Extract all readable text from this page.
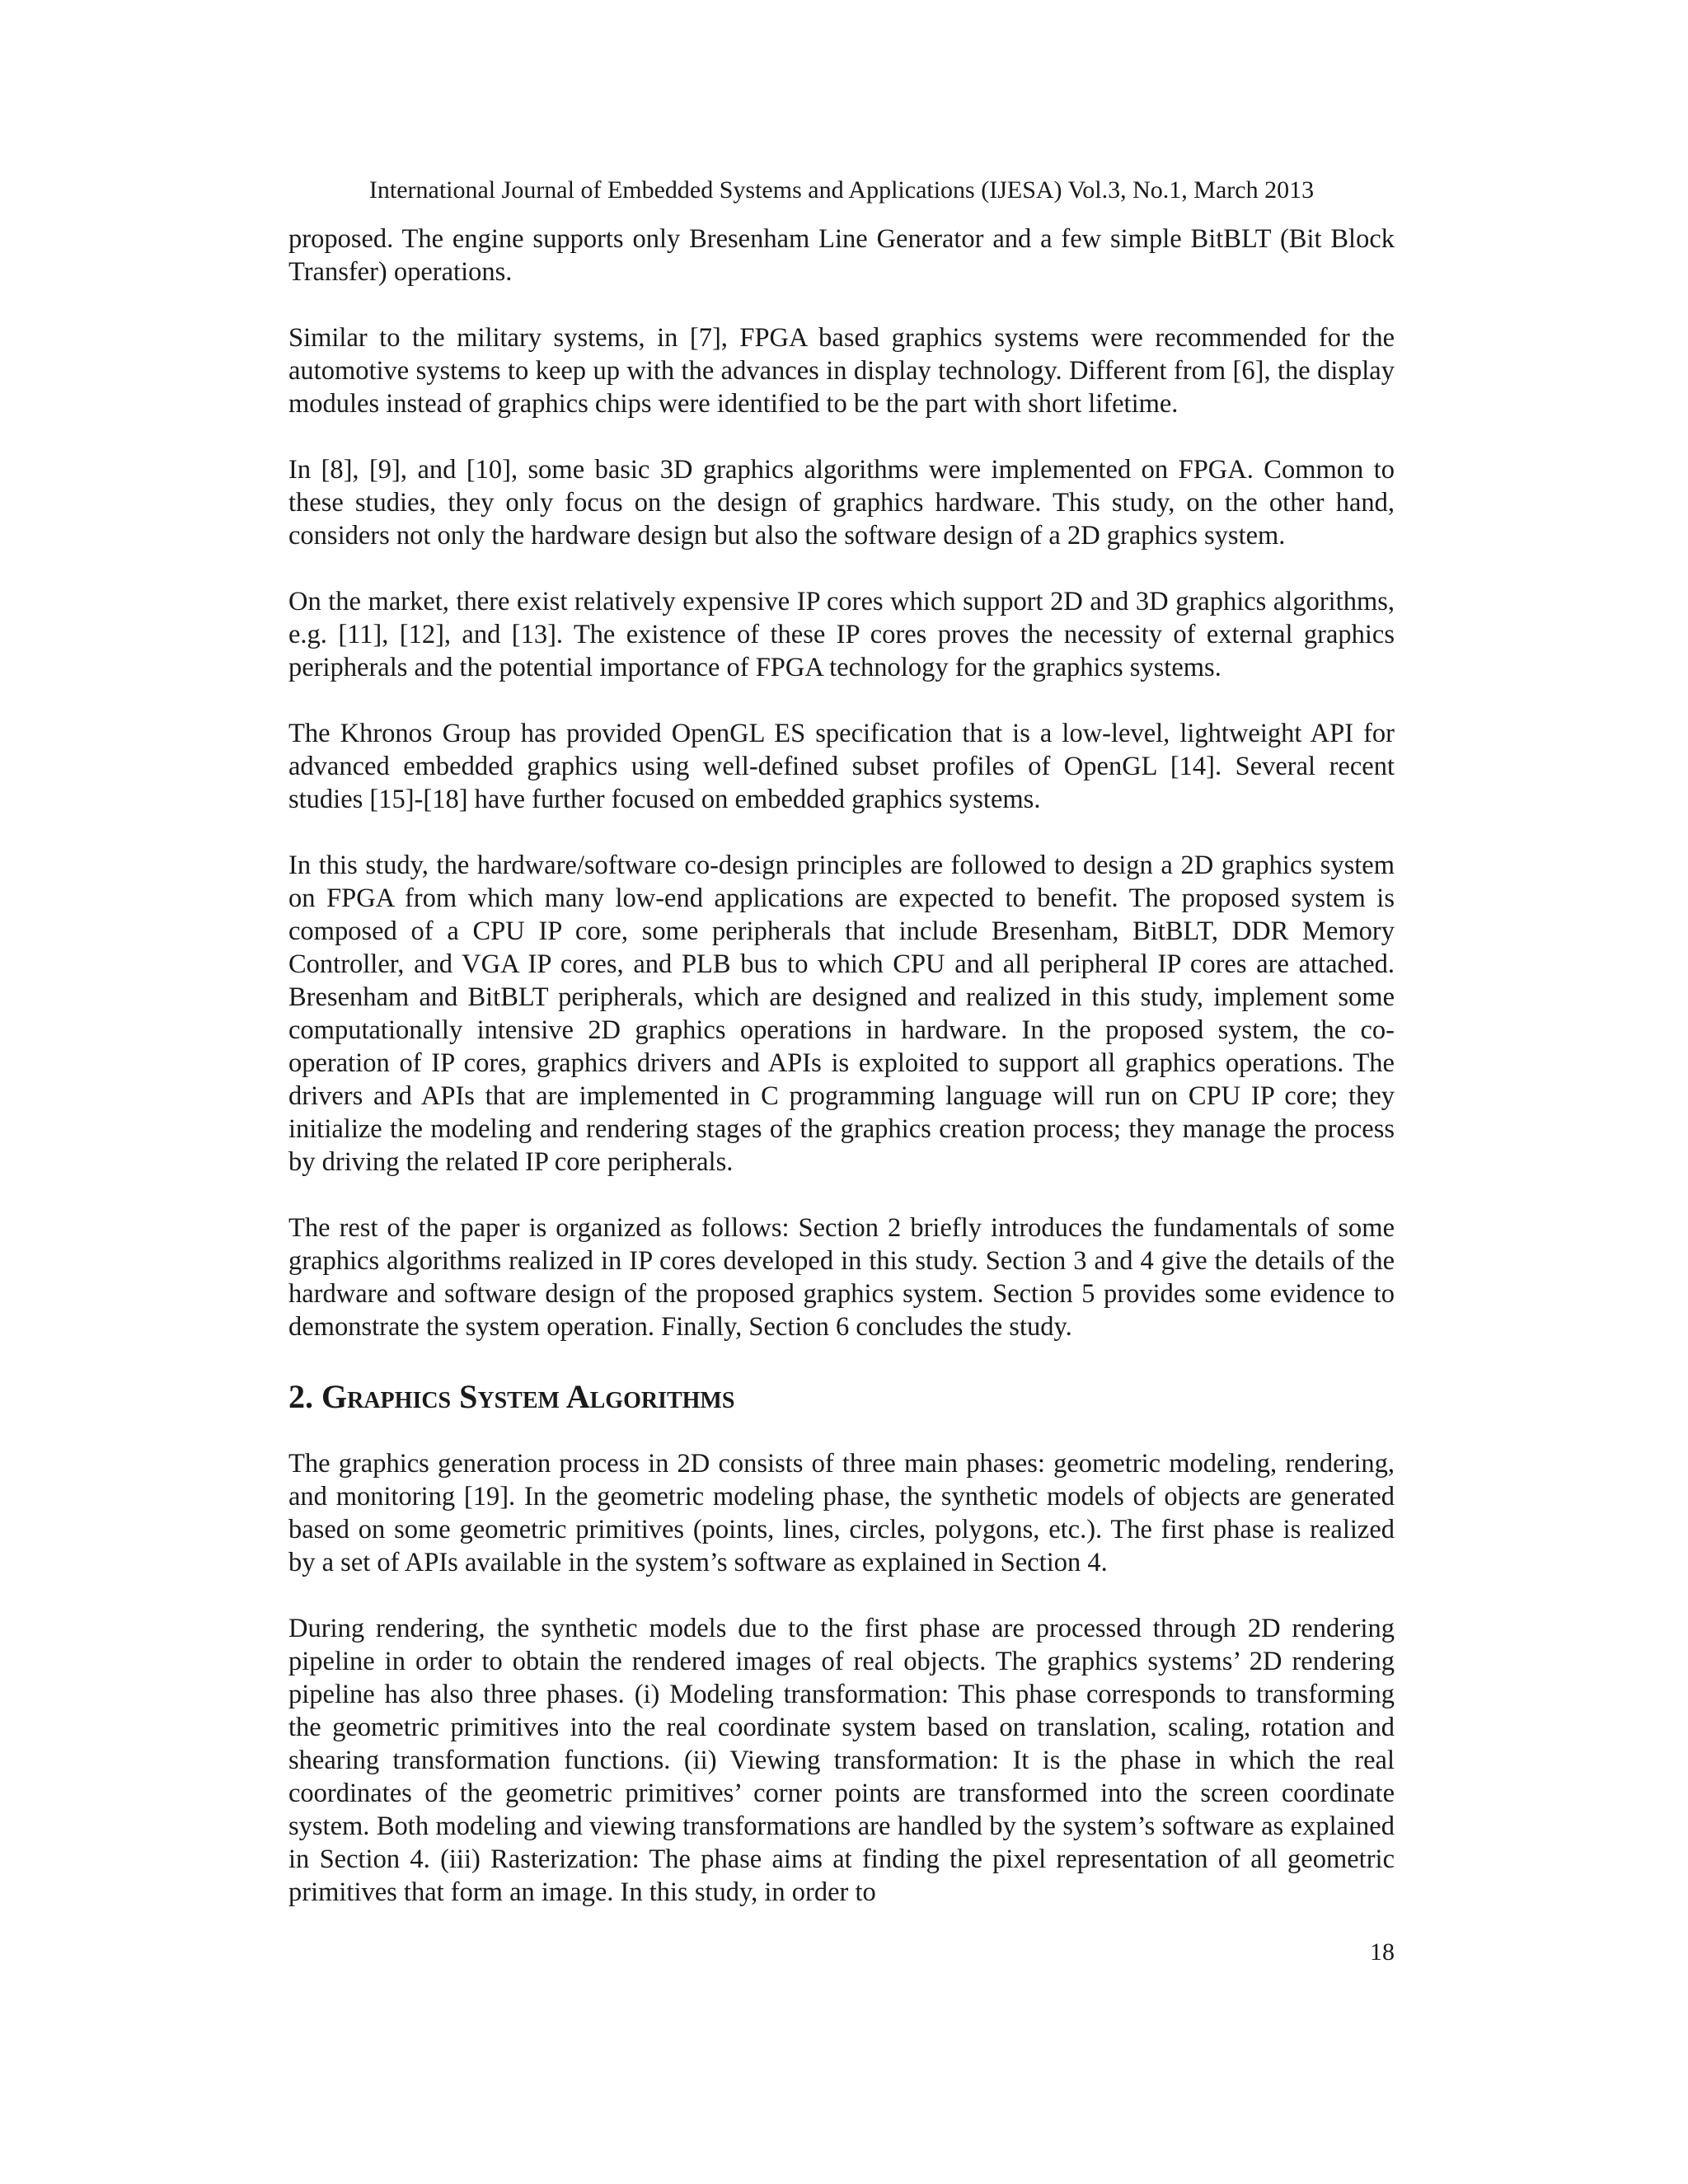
International Journal of Embedded Systems and Applications (IJESA) Vol.3, No.1, March 2013

proposed. The engine supports only Bresenham Line Generator and a few simple BitBLT (Bit Block Transfer) operations.

Similar to the military systems, in [7], FPGA based graphics systems were recommended for the automotive systems to keep up with the advances in display technology. Different from [6], the display modules instead of graphics chips were identified to be the part with short lifetime.

In [8], [9], and [10], some basic 3D graphics algorithms were implemented on FPGA. Common to these studies, they only focus on the design of graphics hardware. This study, on the other hand, considers not only the hardware design but also the software design of a 2D graphics system.

On the market, there exist relatively expensive IP cores which support 2D and 3D graphics algorithms, e.g. [11], [12], and [13]. The existence of these IP cores proves the necessity of external graphics peripherals and the potential importance of FPGA technology for the graphics systems.

The Khronos Group has provided OpenGL ES specification that is a low-level, lightweight API for advanced embedded graphics using well-defined subset profiles of OpenGL [14]. Several recent studies [15]-[18] have further focused on embedded graphics systems.

In this study, the hardware/software co-design principles are followed to design a 2D graphics system on FPGA from which many low-end applications are expected to benefit. The proposed system is composed of a CPU IP core, some peripherals that include Bresenham, BitBLT, DDR Memory Controller, and VGA IP cores, and PLB bus to which CPU and all peripheral IP cores are attached. Bresenham and BitBLT peripherals, which are designed and realized in this study, implement some computationally intensive 2D graphics operations in hardware. In the proposed system, the co-operation of IP cores, graphics drivers and APIs is exploited to support all graphics operations. The drivers and APIs that are implemented in C programming language will run on CPU IP core; they initialize the modeling and rendering stages of the graphics creation process; they manage the process by driving the related IP core peripherals.

The rest of the paper is organized as follows: Section 2 briefly introduces the fundamentals of some graphics algorithms realized in IP cores developed in this study. Section 3 and 4 give the details of the hardware and software design of the proposed graphics system. Section 5 provides some evidence to demonstrate the system operation. Finally, Section 6 concludes the study.

2. Graphics System Algorithms

The graphics generation process in 2D consists of three main phases: geometric modeling, rendering, and monitoring [19]. In the geometric modeling phase, the synthetic models of objects are generated based on some geometric primitives (points, lines, circles, polygons, etc.). The first phase is realized by a set of APIs available in the system’s software as explained in Section 4.

During rendering, the synthetic models due to the first phase are processed through 2D rendering pipeline in order to obtain the rendered images of real objects. The graphics systems’ 2D rendering pipeline has also three phases. (i) Modeling transformation: This phase corresponds to transforming the geometric primitives into the real coordinate system based on translation, scaling, rotation and shearing transformation functions. (ii) Viewing transformation: It is the phase in which the real coordinates of the geometric primitives’ corner points are transformed into the screen coordinate system. Both modeling and viewing transformations are handled by the system’s software as explained in Section 4. (iii) Rasterization: The phase aims at finding the pixel representation of all geometric primitives that form an image. In this study, in order to

18
